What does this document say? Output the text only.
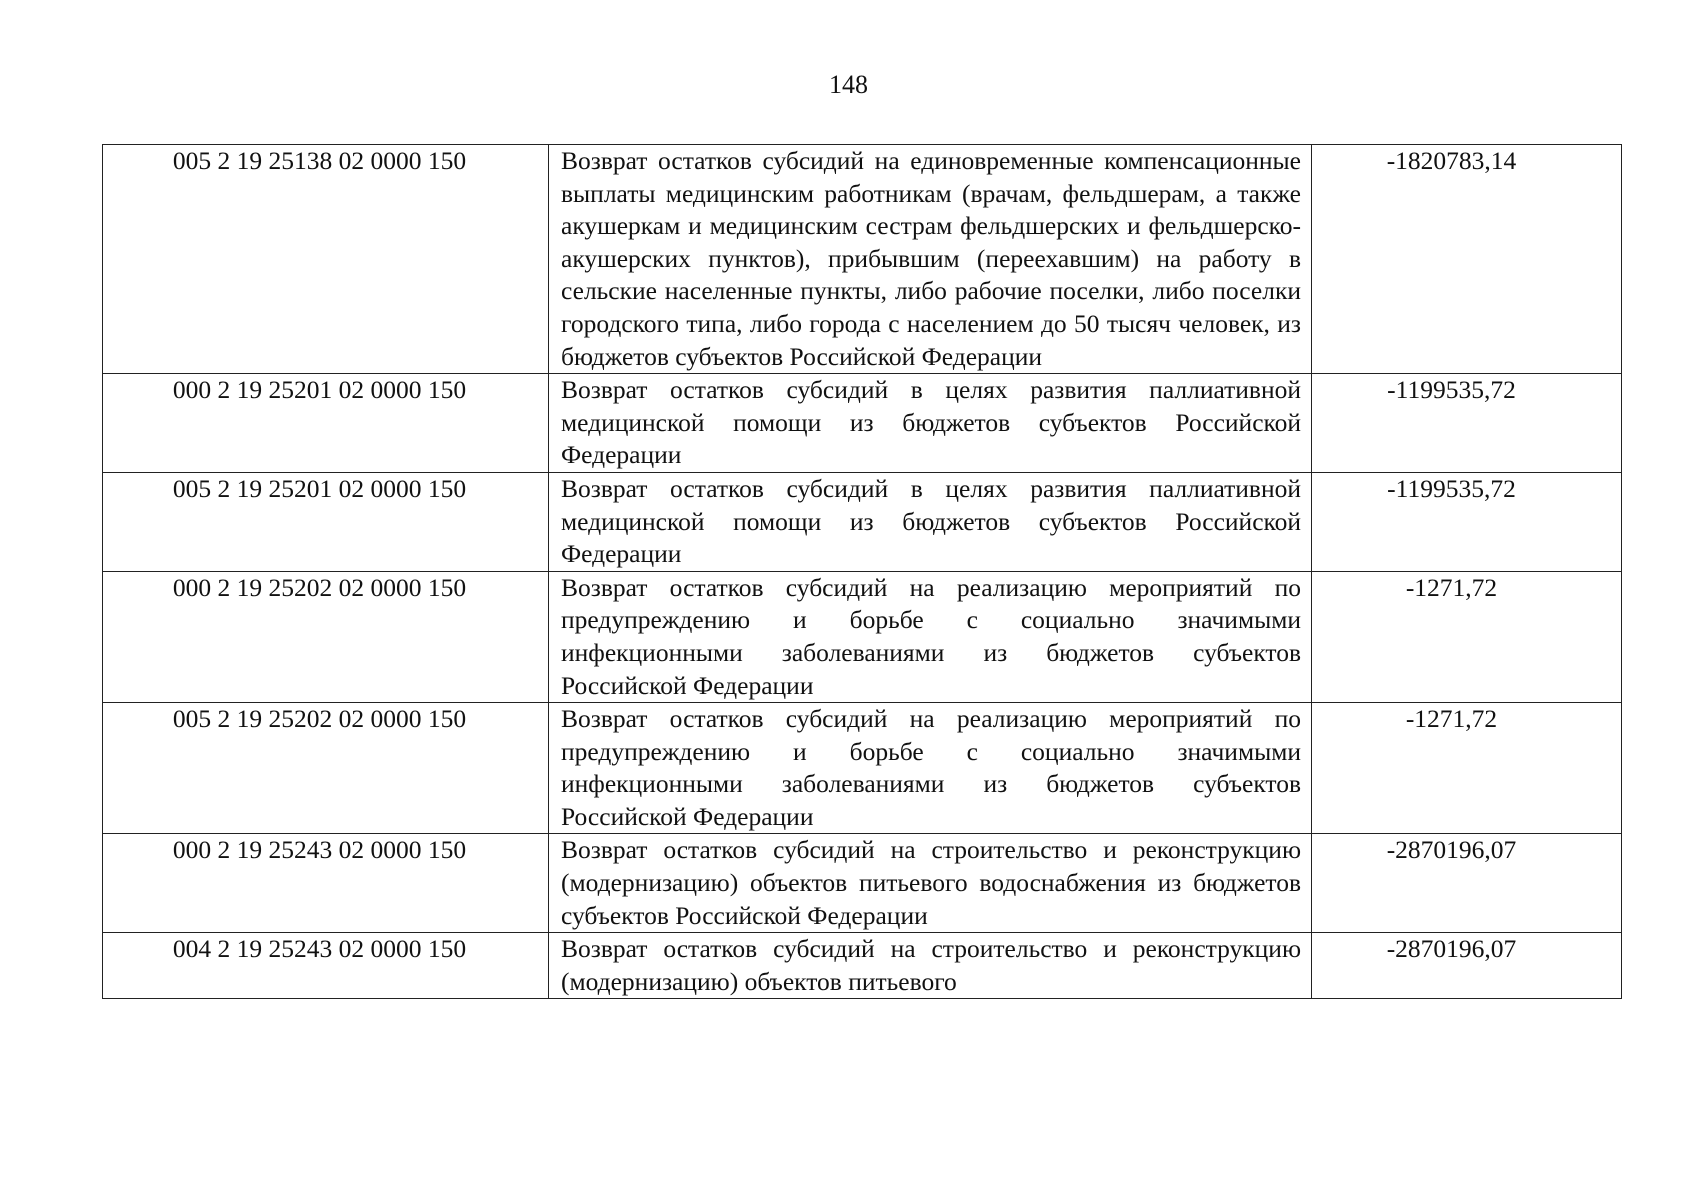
148
005 2 19 25138 02 0000 150	Возврат остатков субсидий на единовременные компенсационные выплаты медицинским работникам (врачам, фельдшерам, а также акушеркам и медицинским сестрам фельдшерских и фельдшерско-акушерских пунктов), прибывшим (переехавшим) на работу в сельские населенные пункты, либо рабочие поселки, либо поселки городского типа, либо города с населением до 50 тысяч человек, из бюджетов субъектов Российской Федерации	-1820783,14
000 2 19 25201 02 0000 150	Возврат остатков субсидий в целях развития паллиативной медицинской помощи из бюджетов субъектов Российской Федерации	-1199535,72
005 2 19 25201 02 0000 150	Возврат остатков субсидий в целях развития паллиативной медицинской помощи из бюджетов субъектов Российской Федерации	-1199535,72
000 2 19 25202 02 0000 150	Возврат остатков субсидий на реализацию мероприятий по предупреждению и борьбе с социально значимыми инфекционными заболеваниями из бюджетов субъектов Российской Федерации	-1271,72
005 2 19 25202 02 0000 150	Возврат остатков субсидий на реализацию мероприятий по предупреждению и борьбе с социально значимыми инфекционными заболеваниями из бюджетов субъектов Российской Федерации	-1271,72
000 2 19 25243 02 0000 150	Возврат остатков субсидий на строительство и реконструкцию (модернизацию) объектов питьевого водоснабжения из бюджетов субъектов Российской Федерации	-2870196,07
004 2 19 25243 02 0000 150	Возврат остатков субсидий на строительство и реконструкцию (модернизацию) объектов питьевого	-2870196,07
